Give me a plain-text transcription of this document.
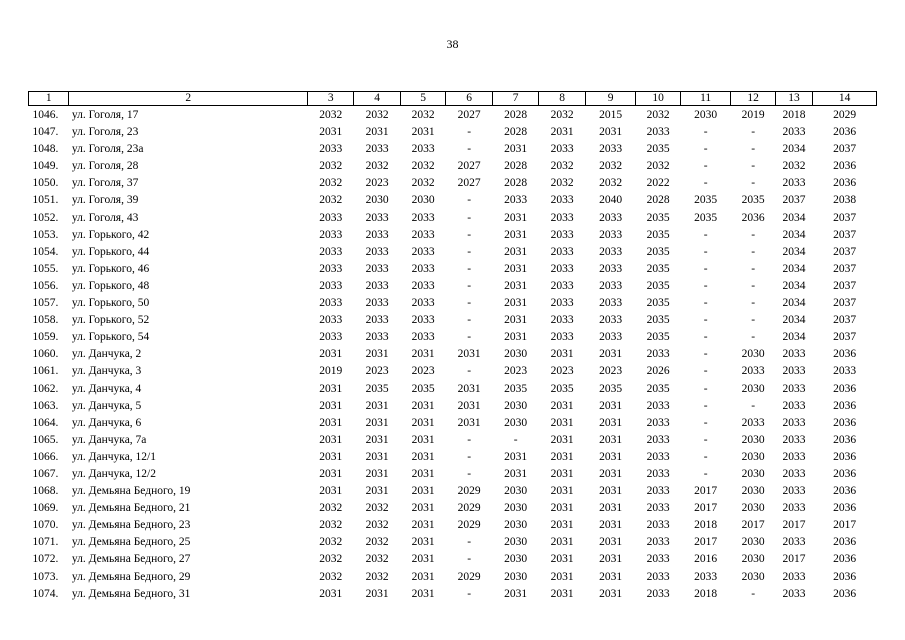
38
1	2	3	4	5	6	7	8	9	10	11	12	13	14
1046.	ул. Гоголя, 17	2032	2032	2032	2027	2028	2032	2015	2032	2030	2019	2018	2029
1047.	ул. Гоголя, 23	2031	2031	2031	-	2028	2031	2031	2033	-	-	2033	2036
1048.	ул. Гоголя, 23а	2033	2033	2033	-	2031	2033	2033	2035	-	-	2034	2037
1049.	ул. Гоголя, 28	2032	2032	2032	2027	2028	2032	2032	2032	-	-	2032	2036
1050.	ул. Гоголя, 37	2032	2023	2032	2027	2028	2032	2032	2022	-	-	2033	2036
1051.	ул. Гоголя, 39	2032	2030	2030	-	2033	2033	2040	2028	2035	2035	2037	2038
1052.	ул. Гоголя, 43	2033	2033	2033	-	2031	2033	2033	2035	2035	2036	2034	2037
1053.	ул. Горького, 42	2033	2033	2033	-	2031	2033	2033	2035	-	-	2034	2037
1054.	ул. Горького, 44	2033	2033	2033	-	2031	2033	2033	2035	-	-	2034	2037
1055.	ул. Горького, 46	2033	2033	2033	-	2031	2033	2033	2035	-	-	2034	2037
1056.	ул. Горького, 48	2033	2033	2033	-	2031	2033	2033	2035	-	-	2034	2037
1057.	ул. Горького, 50	2033	2033	2033	-	2031	2033	2033	2035	-	-	2034	2037
1058.	ул. Горького, 52	2033	2033	2033	-	2031	2033	2033	2035	-	-	2034	2037
1059.	ул. Горького, 54	2033	2033	2033	-	2031	2033	2033	2035	-	-	2034	2037
1060.	ул. Данчука, 2	2031	2031	2031	2031	2030	2031	2031	2033	-	2030	2033	2036
1061.	ул. Данчука, 3	2019	2023	2023	-	2023	2023	2023	2026	-	2033	2033	2033
1062.	ул. Данчука, 4	2031	2035	2035	2031	2035	2035	2035	2035	-	2030	2033	2036
1063.	ул. Данчука, 5	2031	2031	2031	2031	2030	2031	2031	2033	-	-	2033	2036
1064.	ул. Данчука, 6	2031	2031	2031	2031	2030	2031	2031	2033	-	2033	2033	2036
1065.	ул. Данчука, 7а	2031	2031	2031	-	-	2031	2031	2033	-	2030	2033	2036
1066.	ул. Данчука, 12/1	2031	2031	2031	-	2031	2031	2031	2033	-	2030	2033	2036
1067.	ул. Данчука, 12/2	2031	2031	2031	-	2031	2031	2031	2033	-	2030	2033	2036
1068.	ул. Демьяна Бедного, 19	2031	2031	2031	2029	2030	2031	2031	2033	2017	2030	2033	2036
1069.	ул. Демьяна Бедного, 21	2032	2032	2031	2029	2030	2031	2031	2033	2017	2030	2033	2036
1070.	ул. Демьяна Бедного, 23	2032	2032	2031	2029	2030	2031	2031	2033	2018	2017	2017	2017
1071.	ул. Демьяна Бедного, 25	2032	2032	2031	-	2030	2031	2031	2033	2017	2030	2033	2036
1072.	ул. Демьяна Бедного, 27	2032	2032	2031	-	2030	2031	2031	2033	2016	2030	2017	2036
1073.	ул. Демьяна Бедного, 29	2032	2032	2031	2029	2030	2031	2031	2033	2033	2030	2033	2036
1074.	ул. Демьяна Бедного, 31	2031	2031	2031	-	2031	2031	2031	2033	2018	-	2033	2036
